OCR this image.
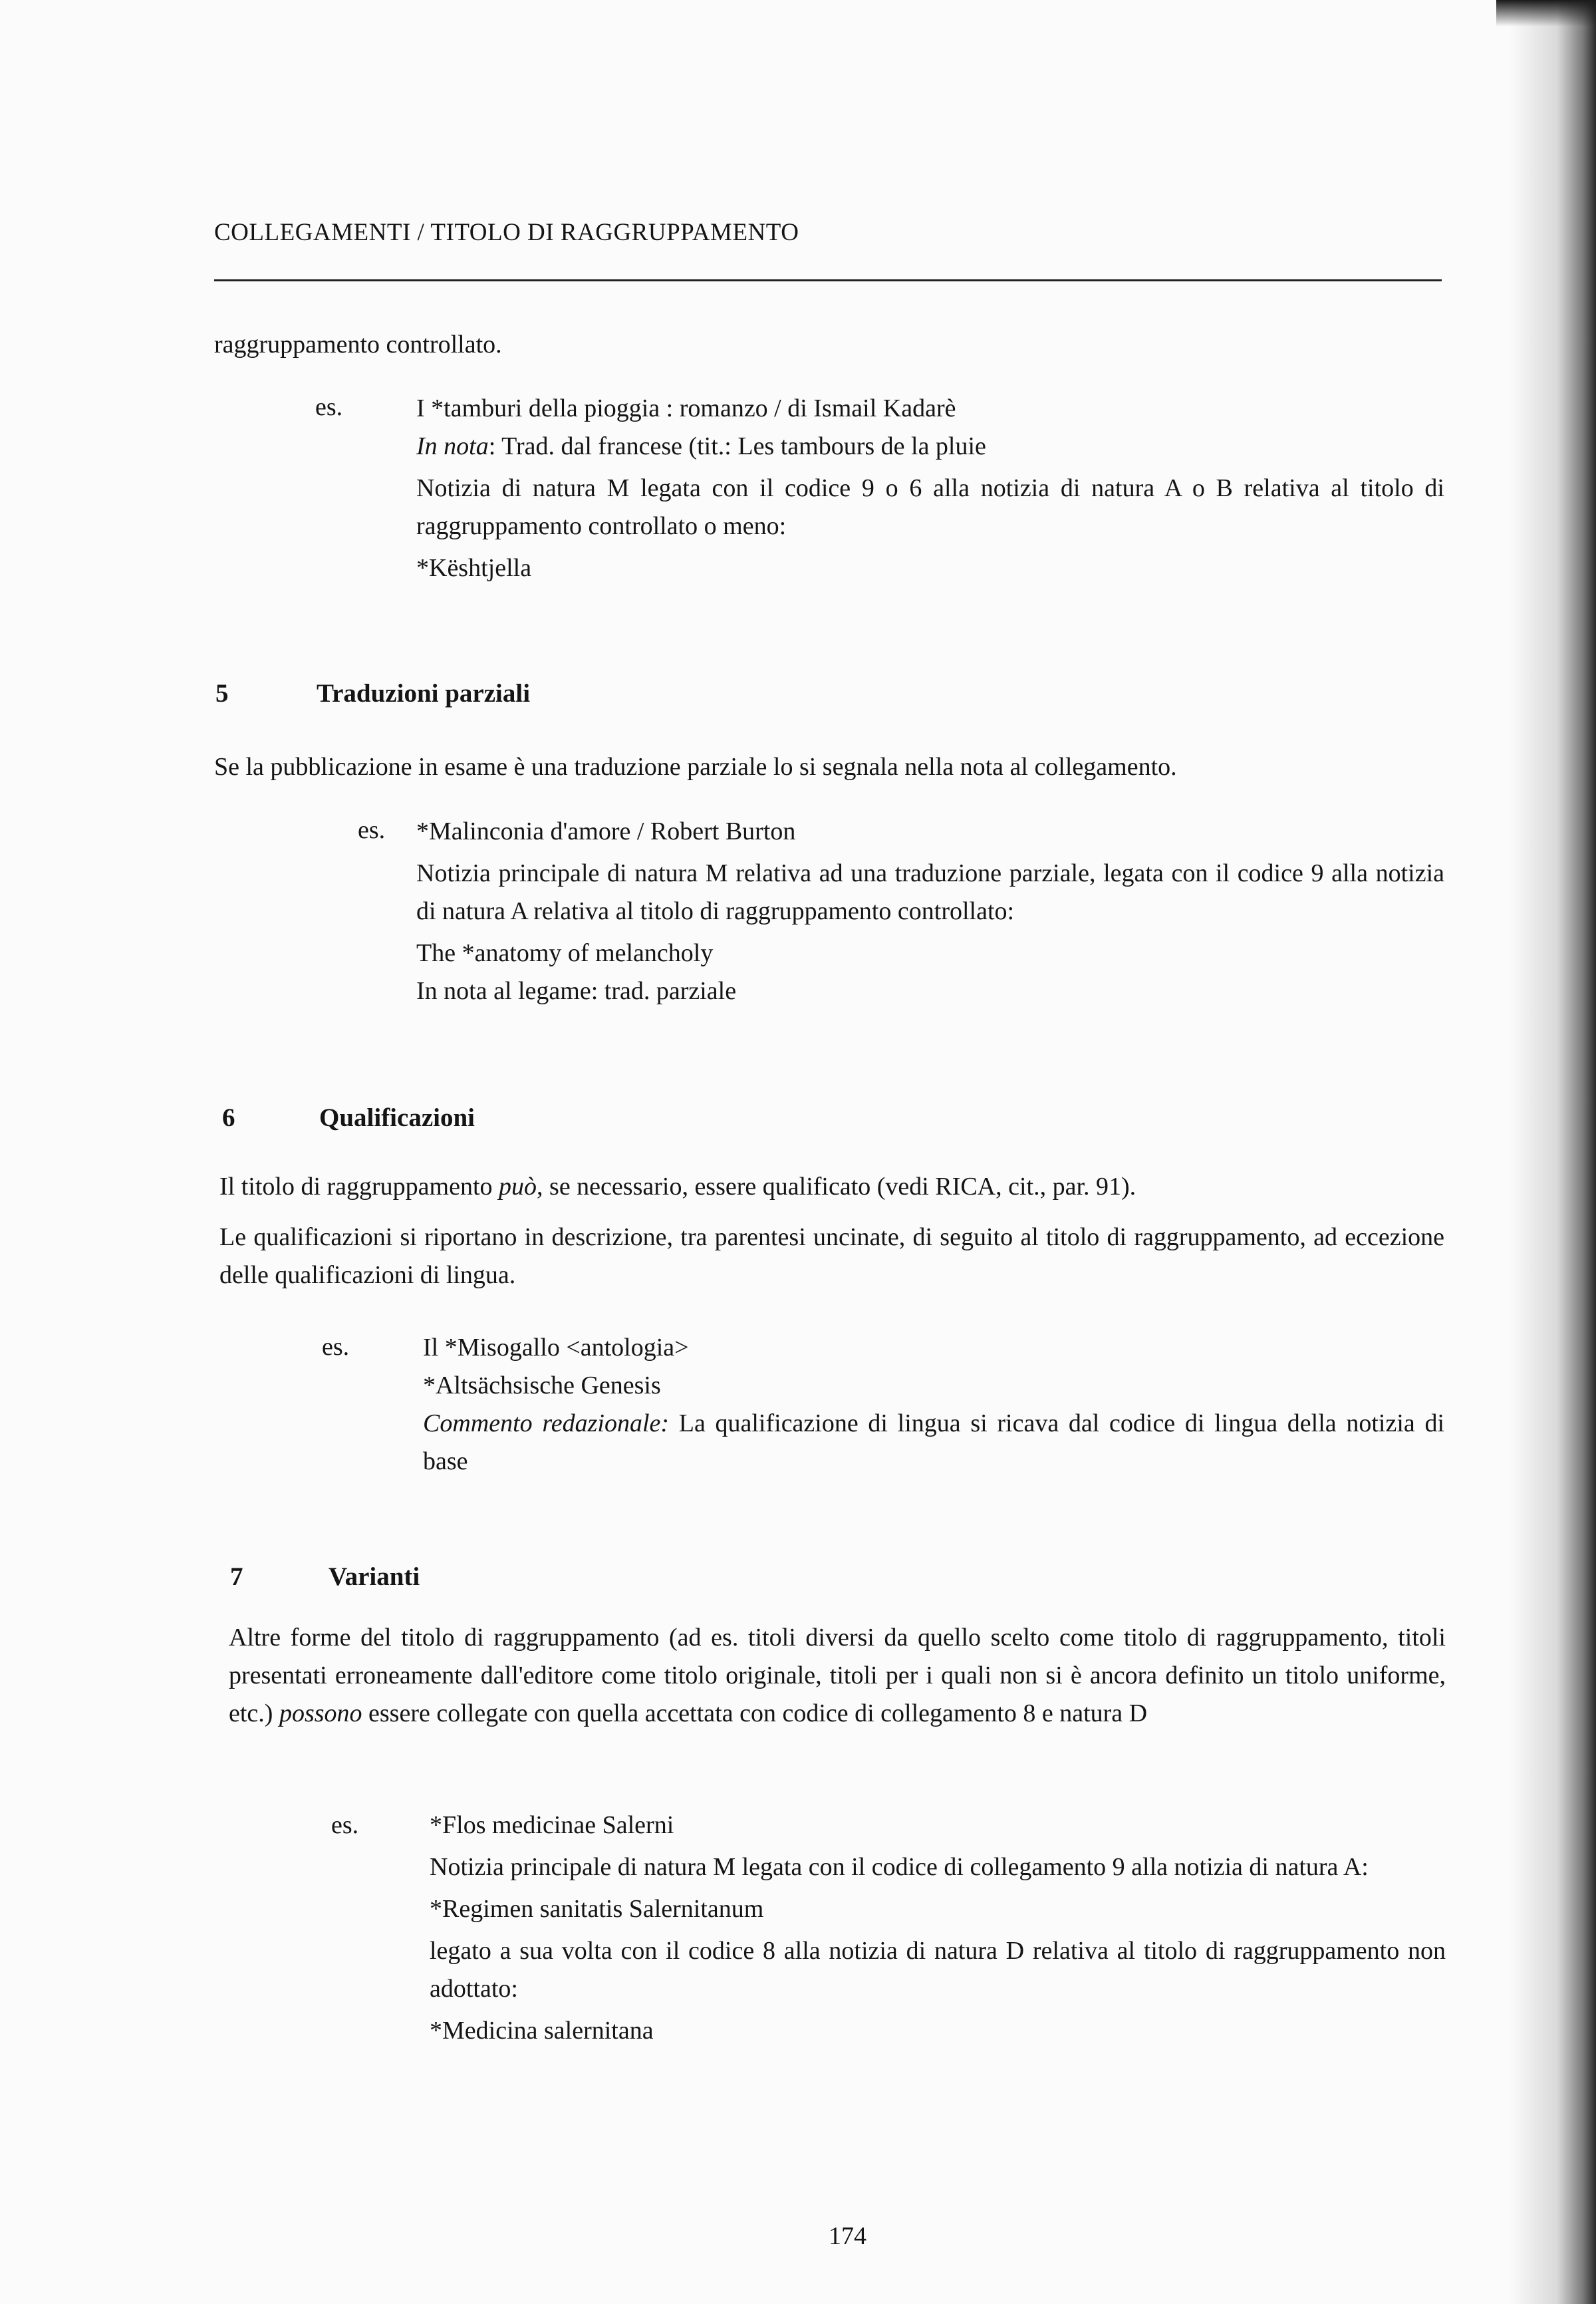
COLLEGAMENTI / TITOLO DI RAGGRUPPAMENTO
raggruppamento controllato.
es.	I *tamburi della pioggia : romanzo / di Ismail Kadarè
In nota: Trad. dal francese (tit.: Les tambours de la pluie
Notizia di natura M legata con il codice 9 o 6 alla notizia di natura A o B relativa al titolo di raggruppamento controllato o meno:
*Kështjella
5	Traduzioni parziali
Se la pubblicazione in esame è una traduzione parziale lo si segnala nella nota al collegamento.
es. *Malinconia d'amore / Robert Burton
Notizia principale di natura M relativa ad una traduzione parziale, legata con il codice 9 alla notizia di natura A relativa al titolo di raggruppamento controllato:
The *anatomy of melancholy
In nota al legame: trad. parziale
6	Qualificazioni
Il titolo di raggruppamento può, se necessario, essere qualificato (vedi RICA, cit., par. 91).
Le qualificazioni si riportano in descrizione, tra parentesi uncinate, di seguito al titolo di raggruppamento, ad eccezione delle qualificazioni di lingua.
es.	Il *Misogallo <antologia>
*Altsächsische Genesis
Commento redazionale: La qualificazione di lingua si ricava dal codice di lingua della notizia di base
7	Varianti
Altre forme del titolo di raggruppamento (ad es. titoli diversi da quello scelto come titolo di raggruppamento, titoli presentati erroneamente dall'editore come titolo originale, titoli per i quali non si è ancora definito un titolo uniforme, etc.) possono essere collegate con quella accettata con codice di collegamento 8 e natura D
es.	*Flos medicinae Salerni
Notizia principale di natura M legata con il codice di collegamento 9 alla notizia di natura A:
*Regimen sanitatis Salernitanum
legato a sua volta con il codice 8 alla notizia di natura D relativa al titolo di raggruppamento non adottato:
*Medicina salernitana
174
